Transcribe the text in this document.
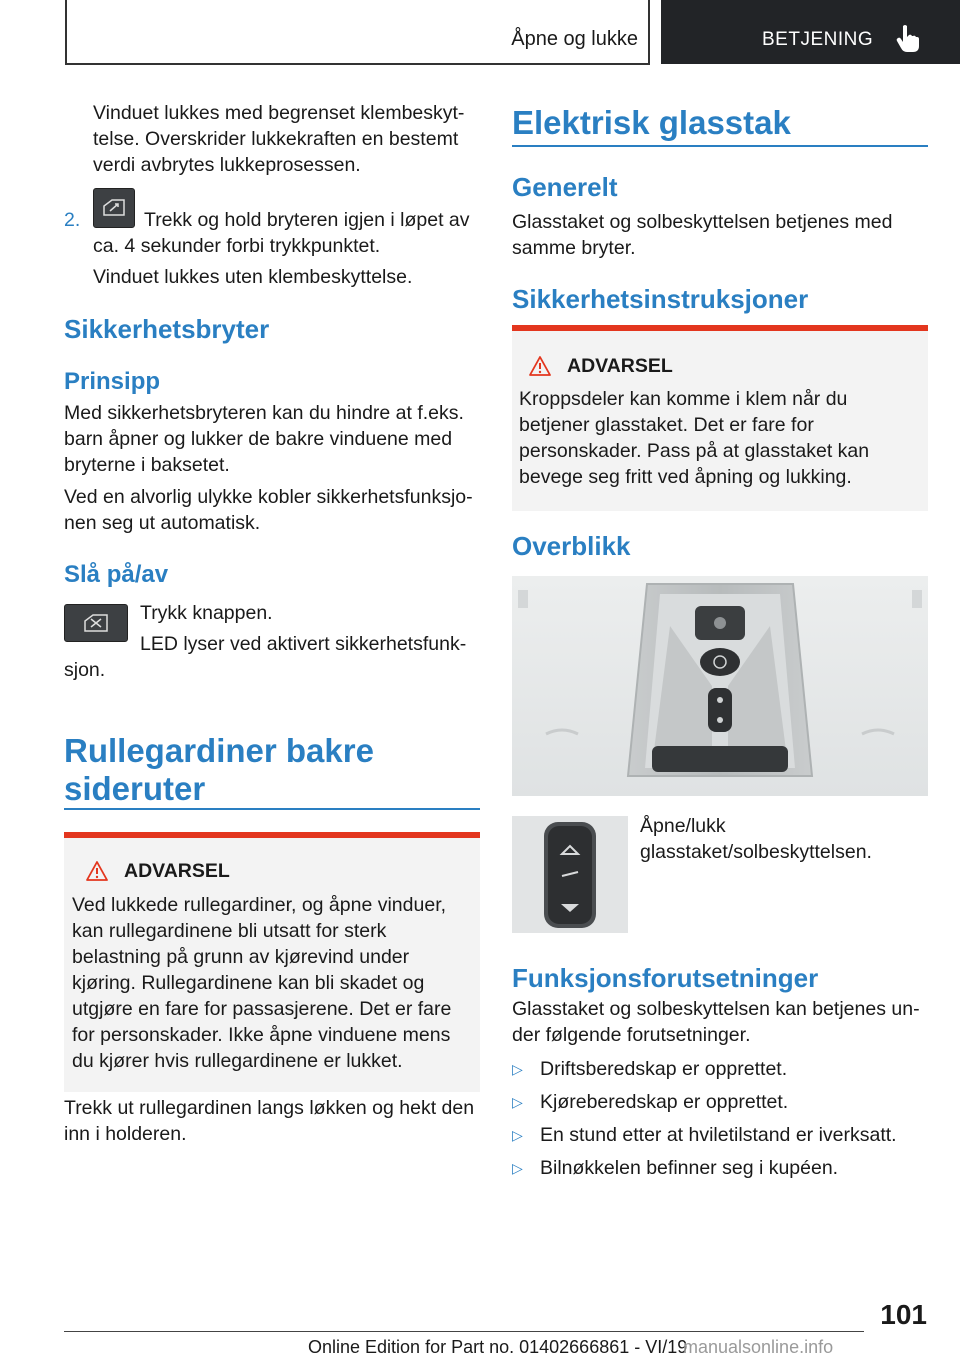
Åpne og lukke	BETJENING
Vinduet lukkes med begrenset klembeskyttelse. Overskrider lukkekraften en bestemt verdi avbrytes lukkeprosessen.
2.	Trekk og hold bryteren igjen i løpet av ca. 4 sekunder forbi trykkpunktet.
Vinduet lukkes uten klembeskyttelse.
Sikkerhetsbryter
Prinsipp
Med sikkerhetsbryteren kan du hindre at f.eks. barn åpner og lukker de bakre vinduene med bryterne i baksetet.
Ved en alvorlig ulykke kobler sikkerhetsfunksjonen seg ut automatisk.
Slå på/av
Trykk knappen.
LED lyser ved aktivert sikkerhetsfunksjon.
Rullegardiner bakre sideruter
ADVARSEL

Ved lukkede rullegardiner, og åpne vinduer, kan rullegardinene bli utsatt for sterk belastning på grunn av kjørevind under kjøring. Rullegardinene kan bli skadet og utgjøre en fare for passasjerene. Det er fare for personskader. Ikke åpne vinduene mens du kjører hvis rullegardinene er lukket.

Trekk ut rullegardinen langs løkken og hekt den inn i holderen.
Elektrisk glasstak
Generelt
Glasstaket og solbeskyttelsen betjenes med samme bryter.
Sikkerhetsinstruksjoner
ADVARSEL

Kroppsdeler kan komme i klem når du betjener glasstaket. Det er fare for personskader. Pass på at glasstaket kan bevege seg fritt ved åpning og lukking.

Overblikk
Åpne/lukk glasstaket/solbeskyttelsen.
Funksjonsforutsetninger
Glasstaket og solbeskyttelsen kan betjenes under følgende forutsetninger.
▷ Driftsberedskap er opprettet.
▷ Kjøreberedskap er opprettet.
▷ En stund etter at hviletilstand er iverksatt.
▷ Bilnøkkelen befinner seg i kupéen.
101
Online Edition for Part no. 01402666861 - VI/19
manualsonline.info
